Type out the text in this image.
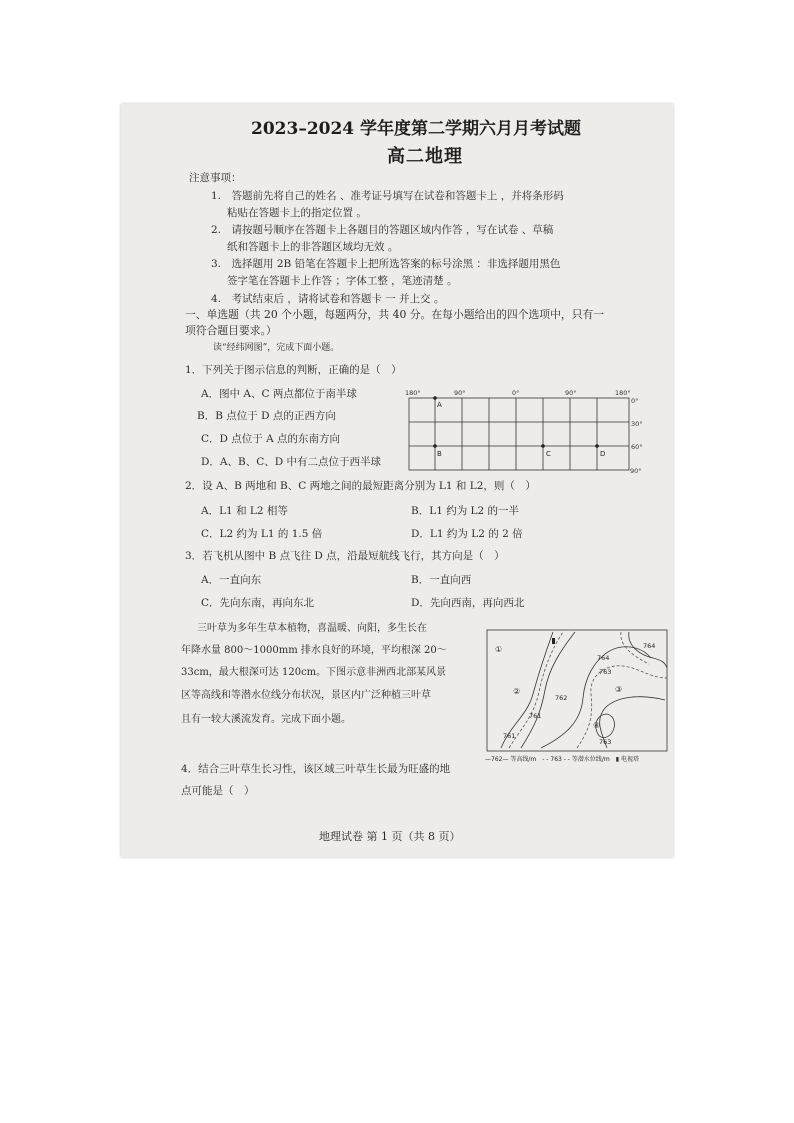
2023–2024 学年度第二学期六月月考试题
高二地理
注意事项：
1.　答题前先将自己的姓名 、准考证号填写在试卷和答题卡上 ，并将条形码
粘贴在答题卡上的指定位置 。
2.　请按题号顺序在答题卡上各题目的答题区域内作答 ，写在试卷 、草稿
纸和答题卡上的非答题区域均无效 。
3.　选择题用 2B 铅笔在答题卡上把所选答案的标号涂黑 ：非选择题用黑色
签字笔在答题卡上作答 ；字体工整 ，笔迹清楚 。
4.　考试结束后 ，请将试卷和答题卡 一 并上交 。
一、单选题（共 20 个小题，每题两分，共 40 分。在每小题给出的四个选项中，只有一
项符合题目要求。）
读“经纬网图”，完成下面小题。
1．下列关于图示信息的判断，正确的是（　）
A．图中 A、C 两点都位于南半球
B．B 点位于 D 点的正西方向
C．D 点位于 A 点的东南方向
D．A、B、C、D 中有二点位于西半球
180°	90°	0°	90°	180°
0°
30°
60°
90°
A
B	C	D
2．设 A、B 两地和 B、C 两地之间的最短距离分别为 L1 和 L2，则（　）
A．L1 和 L2 相等	B．L1 约为 L2 的一半
C．L2 约为 L1 的 1.5 倍	D．L1 约为 L2 的 2 倍
3．若飞机从图中 B 点飞往 D 点，沿最短航线飞行，其方向是（　）
A．一直向东	B．一直向西
C．先向东南，再向东北	D．先向西南，再向西北
三叶草为多年生草本植物，喜温暖、向阳，多生长在
年降水量 800～1000mm 排水良好的环境，平均根深 20～
33cm，最大根深可达 120cm。下图示意非洲西北部某风景
区等高线和等潜水位线分布状况，景区内广泛种植三叶草
且有一较大溪流发育。完成下面小题。
①
②	③
④
764
764
763
762
761
763
761
—762— 等高线/m　- - 763 - - 等潜水位线/m　▮ 电视塔
4．结合三叶草生长习性，该区域三叶草生长最为旺盛的地
点可能是（　）
地理试卷 第 1 页（共 8 页）
